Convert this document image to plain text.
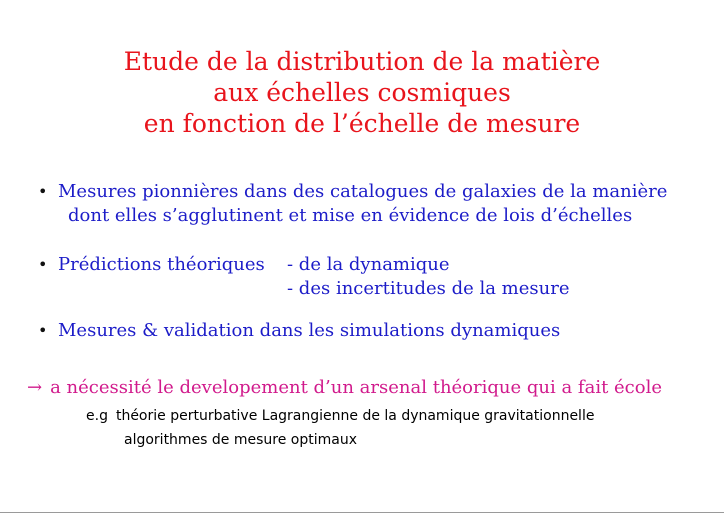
Etude de la distribution de la matière
aux échelles cosmiques
en fonction de l’échelle de mesure
• Mesures pionnières dans des catalogues de galaxies de la manière
dont elles s’agglutinent et mise en évidence de lois d’échelles
• Prédictions théoriques - de la dynamique
- des incertitudes de la mesure
• Mesures & validation dans les simulations dynamiques
→ a nécessité le developement d’un arsenal théorique qui a fait école
e.g théorie perturbative Lagrangienne de la dynamique gravitationnelle
algorithmes de mesure optimaux
